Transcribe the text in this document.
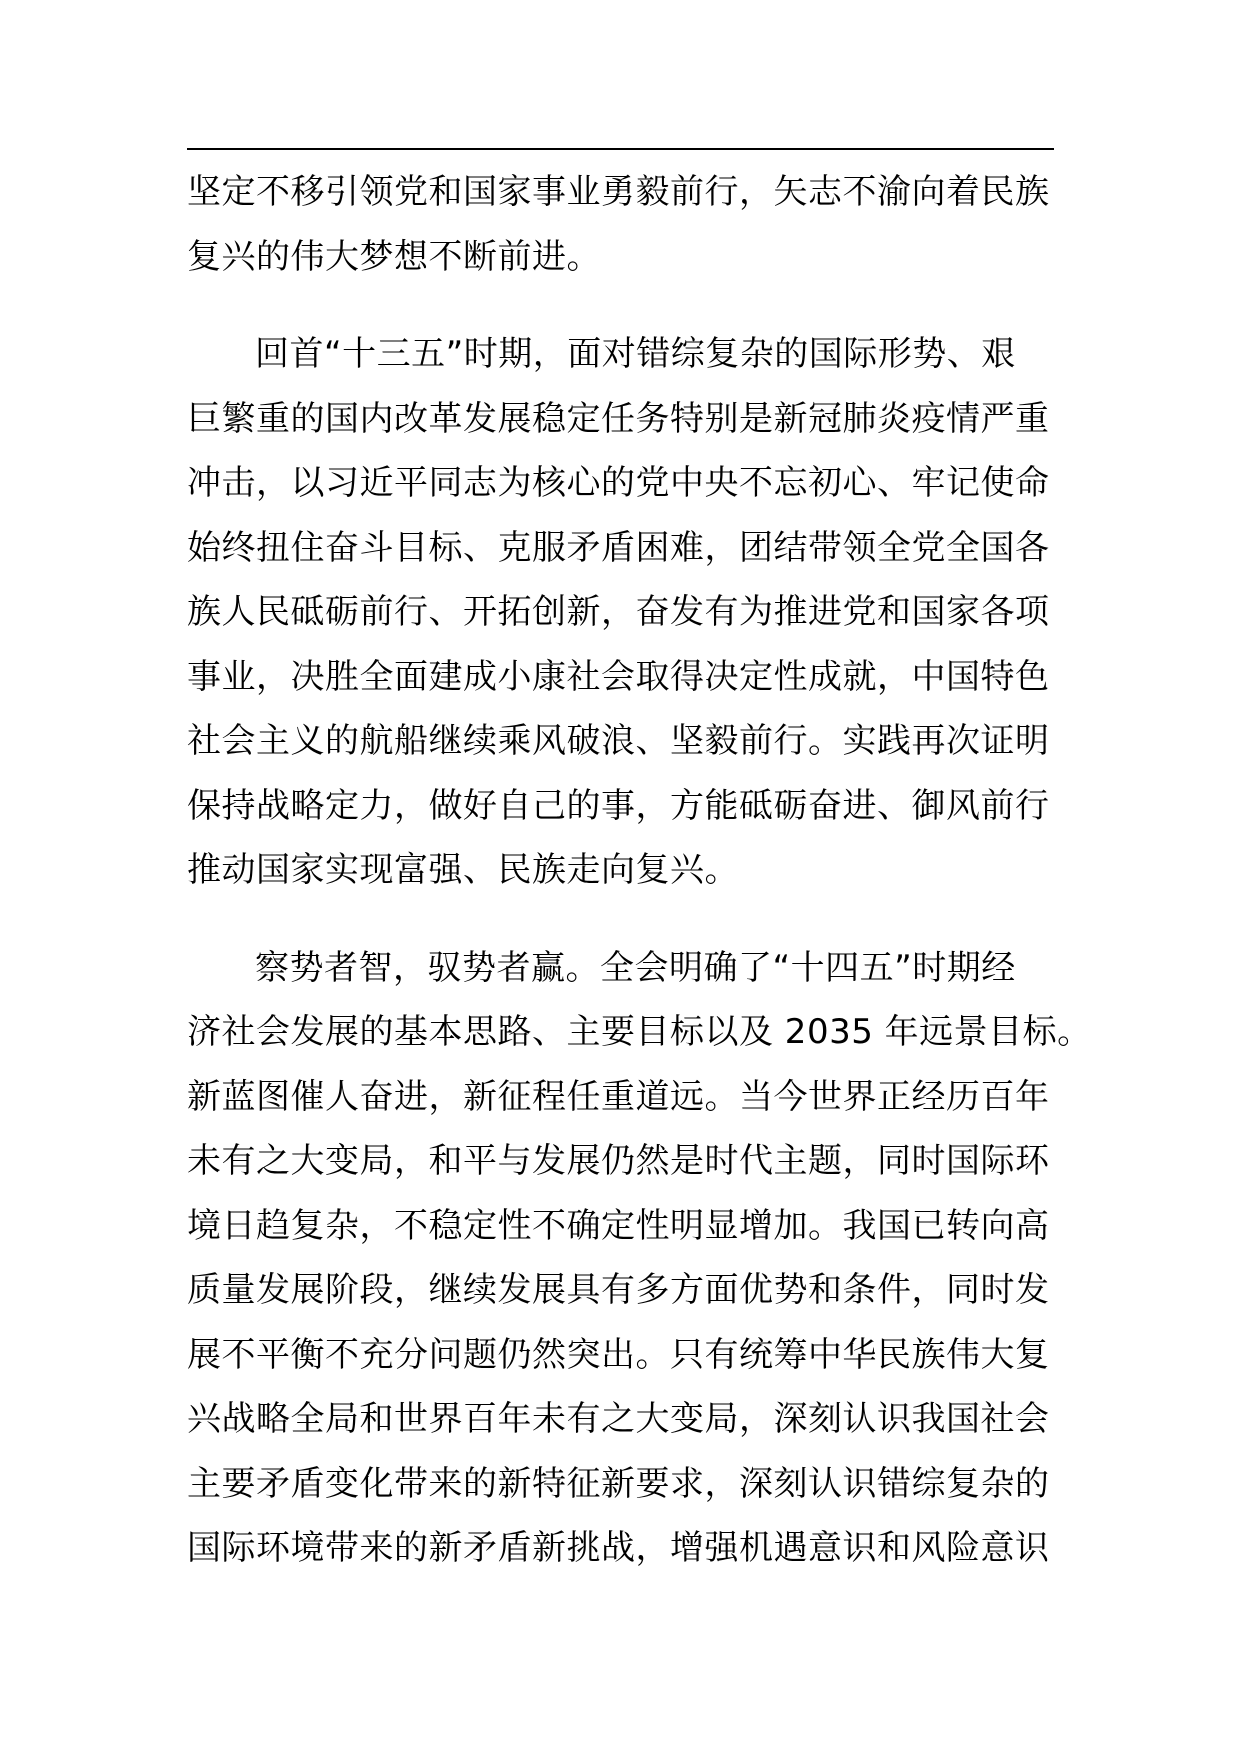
坚定不移引领党和国家事业勇毅前行，矢志不渝向着民族
复兴的伟大梦想不断前进。

回首“十三五”时期，面对错综复杂的国际形势、艰
巨繁重的国内改革发展稳定任务特别是新冠肺炎疫情严重
冲击，以习近平同志为核心的党中央不忘初心、牢记使命
始终扭住奋斗目标、克服矛盾困难，团结带领全党全国各
族人民砥砺前行、开拓创新，奋发有为推进党和国家各项
事业，决胜全面建成小康社会取得决定性成就，中国特色
社会主义的航船继续乘风破浪、坚毅前行。实践再次证明
保持战略定力，做好自己的事，方能砥砺奋进、御风前行
推动国家实现富强、民族走向复兴。

察势者智，驭势者赢。全会明确了“十四五”时期经
济社会发展的基本思路、主要目标以及 2035 年远景目标。
新蓝图催人奋进，新征程任重道远。当今世界正经历百年
未有之大变局，和平与发展仍然是时代主题，同时国际环
境日趋复杂，不稳定性不确定性明显增加。我国已转向高
质量发展阶段，继续发展具有多方面优势和条件，同时发
展不平衡不充分问题仍然突出。只有统筹中华民族伟大复
兴战略全局和世界百年未有之大变局，深刻认识我国社会
主要矛盾变化带来的新特征新要求，深刻认识错综复杂的
国际环境带来的新矛盾新挑战，增强机遇意识和风险意识
